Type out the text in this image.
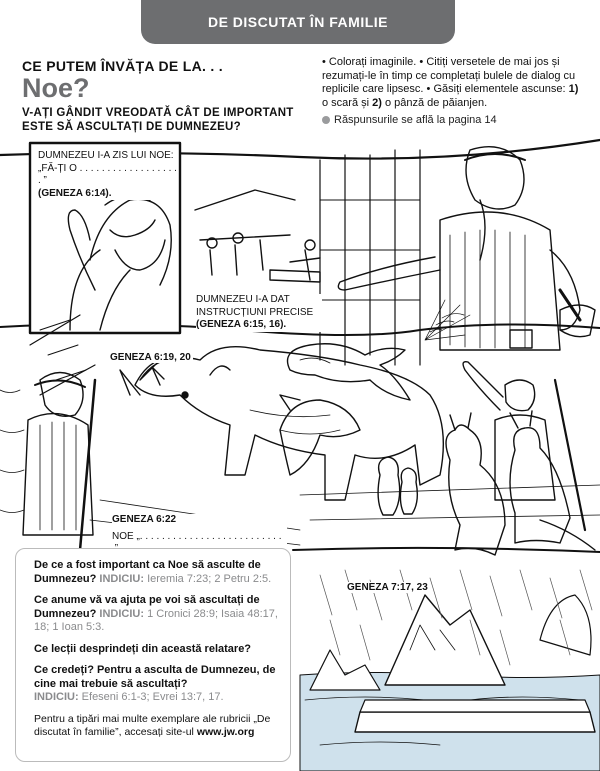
DE DISCUTAT ÎN FAMILIE
CE PUTEM ÎNVĂȚA DE LA. . .
Noe?
V-AȚI GÂNDIT VREODATĂ CÂT DE IMPORTANT ESTE SĂ ASCULTAȚI DE DUMNEZEU?
• Colorați imaginile. • Citiți versetele de mai jos și rezumați-le în timp ce completați bulele de dialog cu replicile care lipsesc. • Găsiți elementele ascunse: 1) o scară și 2) o pânză de păianjen.
Răspunsurile se află la pagina 14
DUMNEZEU I-A ZIS LUI NOE:
„FĂ-ȚI O . . . . . . . . . . . . . . . . . . . ”
(GENEZA 6:14).
DUMNEZEU I-A DAT
INSTRUCȚIUNI PRECISE
(GENEZA 6:15, 16).
GENEZA 6:19, 20
GENEZA 6:22
NOE „. . . . . . . . . . . . . . . . . . . . . . . . . .
GENEZA 7:17, 23
De ce a fost important ca Noe să asculte de Dumnezeu? INDICIU: Ieremia 7:23; 2 Petru 2:5.
Ce anume vă va ajuta pe voi să ascultați de Dumnezeu? INDICIU: 1 Cronici 28:9; Isaia 48:17, 18; 1 Ioan 5:3.
Ce lecții desprindeți din această relatare?
Ce credeți? Pentru a asculta de Dumnezeu, de cine mai trebuie să ascultați?
INDICIU: Efeseni 6:1-3; Evrei 13:7, 17.
Pentru a tipări mai multe exemplare ale rubricii „De discutat în familie”, accesați site-ul www.jw.org
